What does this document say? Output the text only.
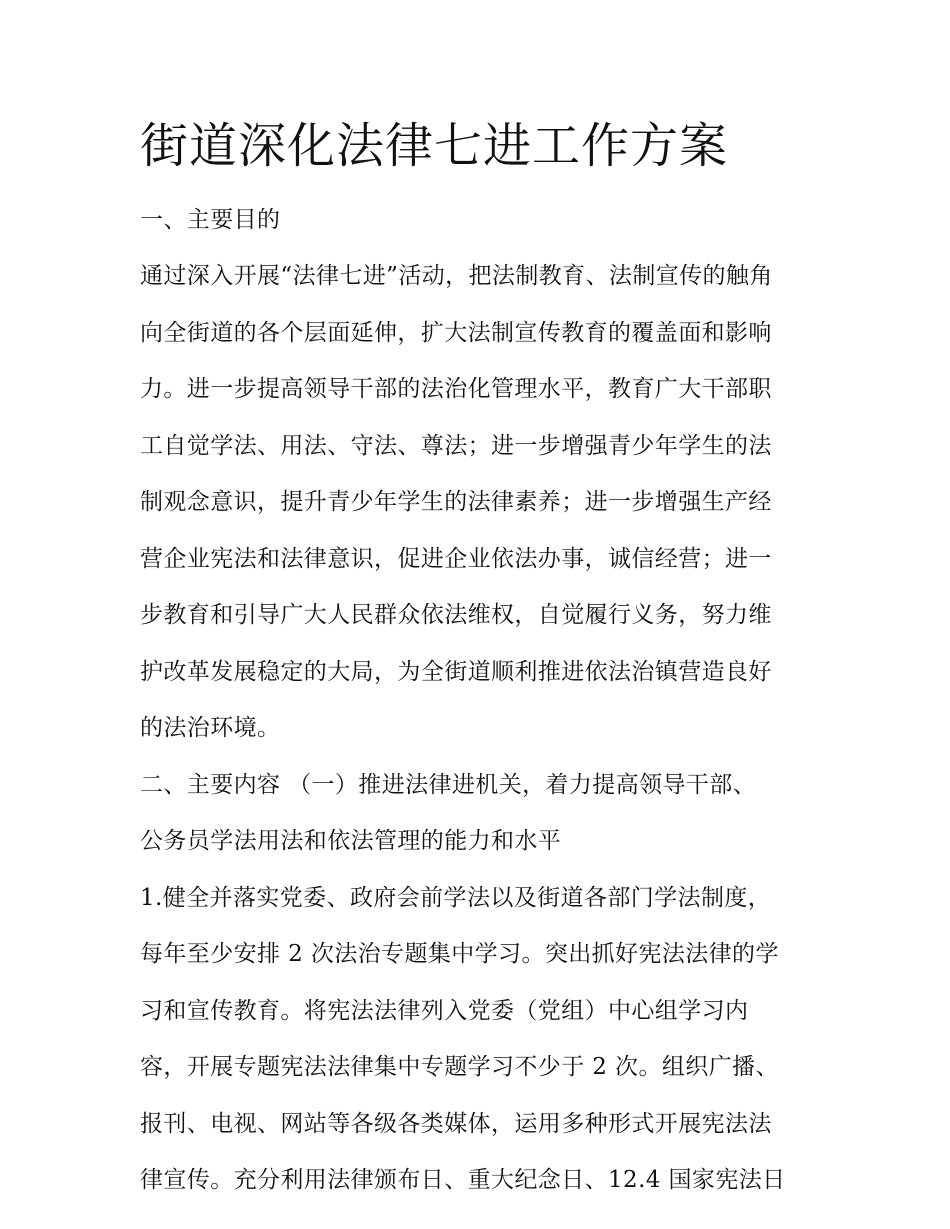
街道深化法律七进工作方案

一、主要目的

通过深入开展“法律七进”活动，把法制教育、法制宣传的触角

向全街道的各个层面延伸，扩大法制宣传教育的覆盖面和影响

力。进一步提高领导干部的法治化管理水平，教育广大干部职

工自觉学法、用法、守法、尊法；进一步增强青少年学生的法

制观念意识，提升青少年学生的法律素养；进一步增强生产经

营企业宪法和法律意识，促进企业依法办事，诚信经营；进一

步教育和引导广大人民群众依法维权，自觉履行义务，努力维

护改革发展稳定的大局，为全街道顺利推进依法治镇营造良好

的法治环境。

二、主要内容 （一）推进法律进机关，着力提高领导干部、

公务员学法用法和依法管理的能力和水平

1.健全并落实党委、政府会前学法以及街道各部门学法制度，

每年至少安排 2 次法治专题集中学习。突出抓好宪法法律的学

习和宣传教育。将宪法法律列入党委（党组）中心组学习内

容，开展专题宪法法律集中专题学习不少于 2 次。组织广播、

报刊、电视、网站等各级各类媒体，运用多种形式开展宪法法

律宣传。充分利用法律颁布日、重大纪念日、12.4 国家宪法日
